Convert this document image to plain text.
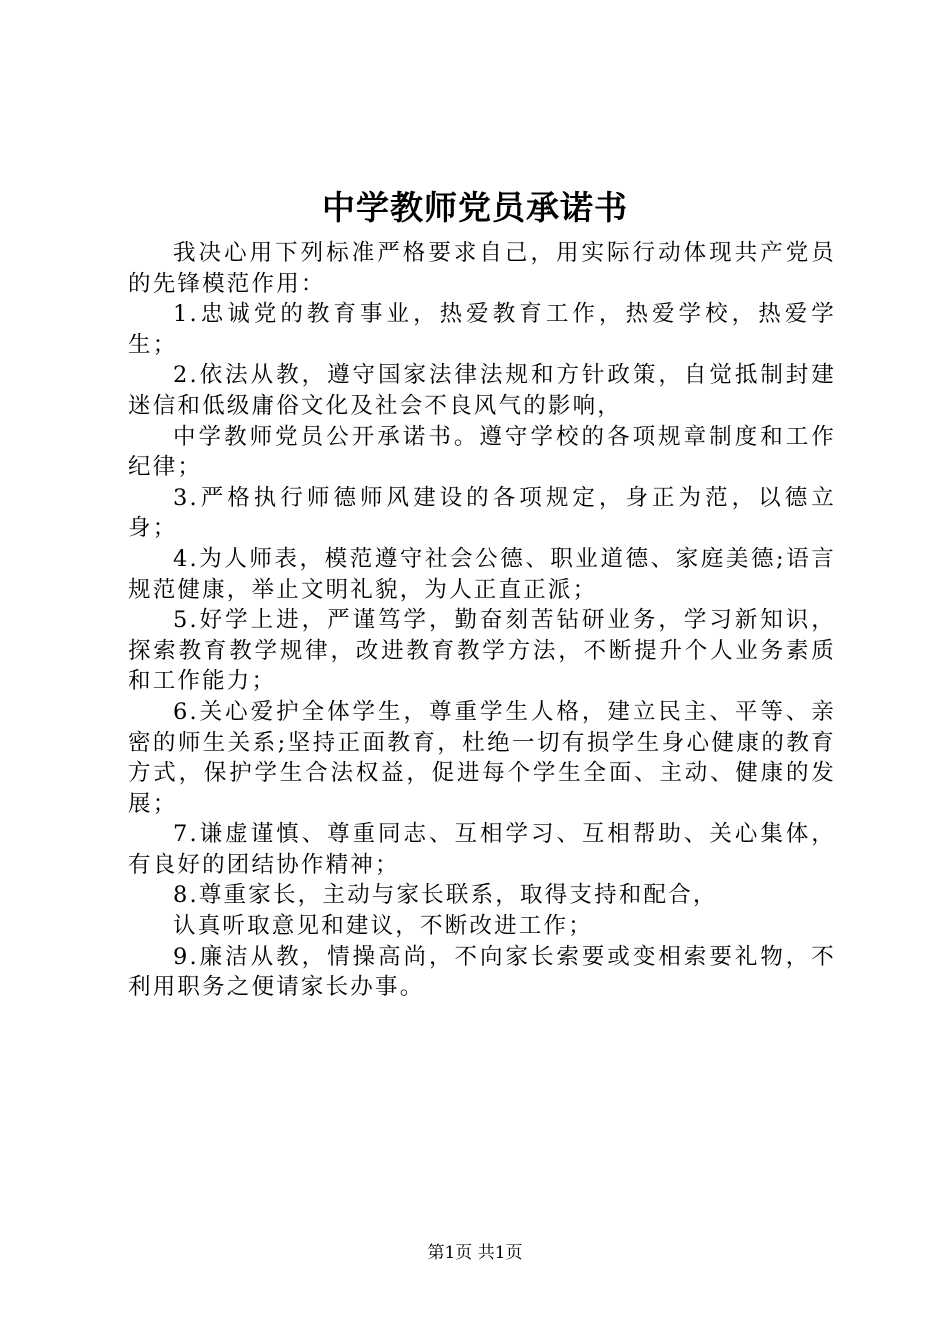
中学教师党员承诺书

我决心用下列标准严格要求自己，用实际行动体现共产党员的先锋模范作用：

1.忠诚党的教育事业，热爱教育工作，热爱学校，热爱学生；

2.依法从教，遵守国家法律法规和方针政策，自觉抵制封建迷信和低级庸俗文化及社会不良风气的影响，

中学教师党员公开承诺书。遵守学校的各项规章制度和工作纪律；

3.严格执行师德师风建设的各项规定，身正为范，以德立身；

4.为人师表，模范遵守社会公德、职业道德、家庭美德;语言规范健康，举止文明礼貌，为人正直正派；

5.好学上进，严谨笃学，勤奋刻苦钻研业务，学习新知识，探索教育教学规律，改进教育教学方法，不断提升个人业务素质和工作能力；

6.关心爱护全体学生，尊重学生人格，建立民主、平等、亲密的师生关系;坚持正面教育，杜绝一切有损学生身心健康的教育方式，保护学生合法权益，促进每个学生全面、主动、健康的发展；

7.谦虚谨慎、尊重同志、互相学习、互相帮助、关心集体，有良好的团结协作精神；

8.尊重家长，主动与家长联系，取得支持和配合，

认真听取意见和建议，不断改进工作；

9.廉洁从教，情操高尚，不向家长索要或变相索要礼物，不利用职务之便请家长办事。

第1页 共1页
